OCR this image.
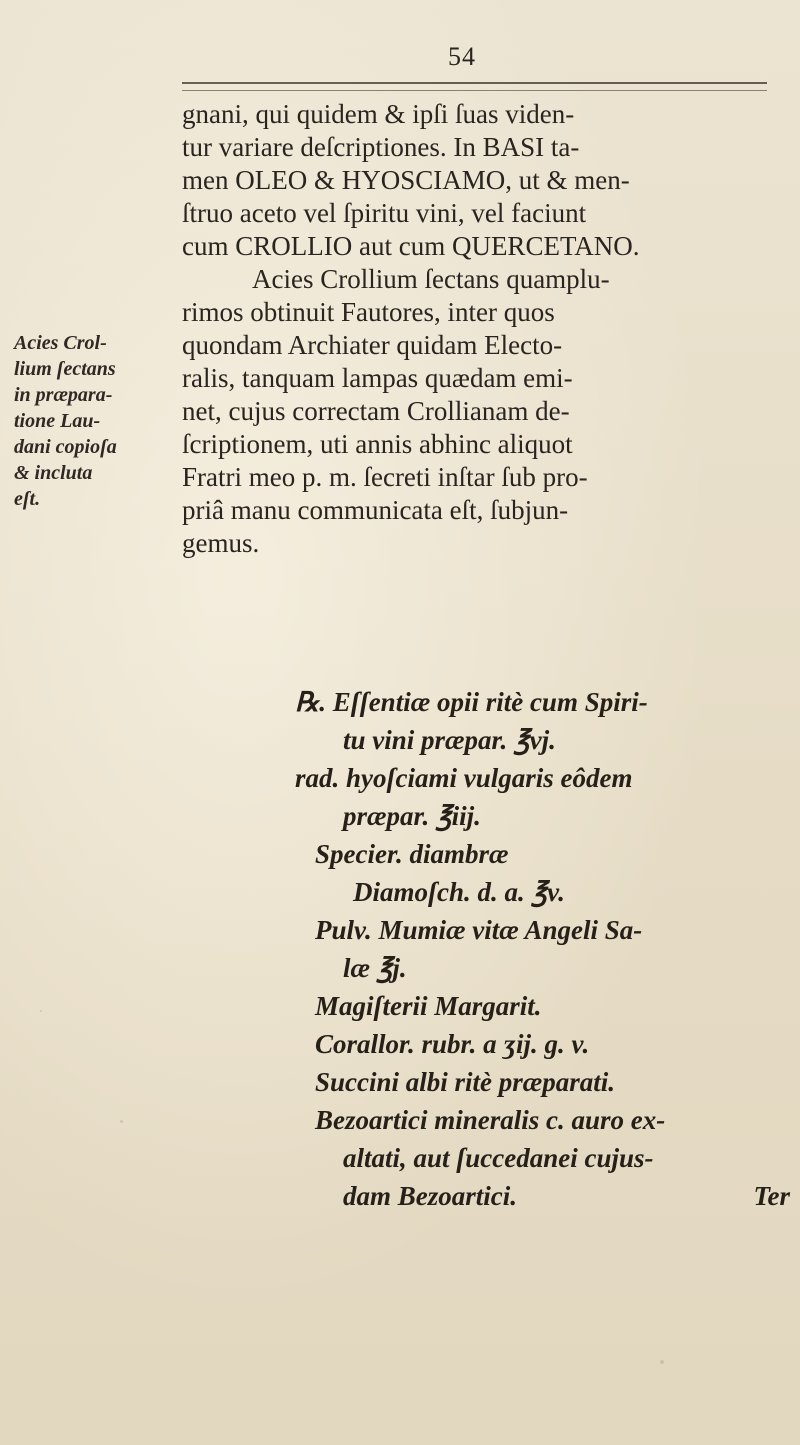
54
gnani, qui quidem & ipſi ſuas viden-
tur variare deſcriptiones. In BASI ta-
men OLEO & HYOSCIAMO, ut & men-
ſtruo aceto vel ſpiritu vini, vel faciunt
cum CROLLIO aut cum QUERCETANO.
Acies Crollium ſectans quamplu-
rimos obtinuit Fautores, inter quos
quondam Archiater quidam Electo-
ralis, tanquam lampas quædam emi-
net, cujus correctam Crollianam de-
ſcriptionem, uti annis abhinc aliquot
Fratri meo p. m. ſecreti inſtar ſub pro-
priâ manu communicata eſt, ſubjun-
gemus.
Acies Crol-
lium ſectans
in præpara-
tione Lau-
dani copioſa
& incluta
eſt.
℞. Eſſentiæ opii ritè cum Spiri-
tu vini præpar. ℥vj.
rad. hyoſciami vulgaris eôdem
præpar. ℥iij.
Specier. diambræ
Diamoſch. d. a. ℥v.
Pulv. Mumiæ vitæ Angeli Sa-
læ ℥j.
Magiſterii Margarit.
Corallor. rubr. a ʒij. g. v.
Succini albi ritè præparati.
Bezoartici mineralis c. auro ex-
altati, aut ſuccedanei cujus-
dam Bezoartici.	Ter
